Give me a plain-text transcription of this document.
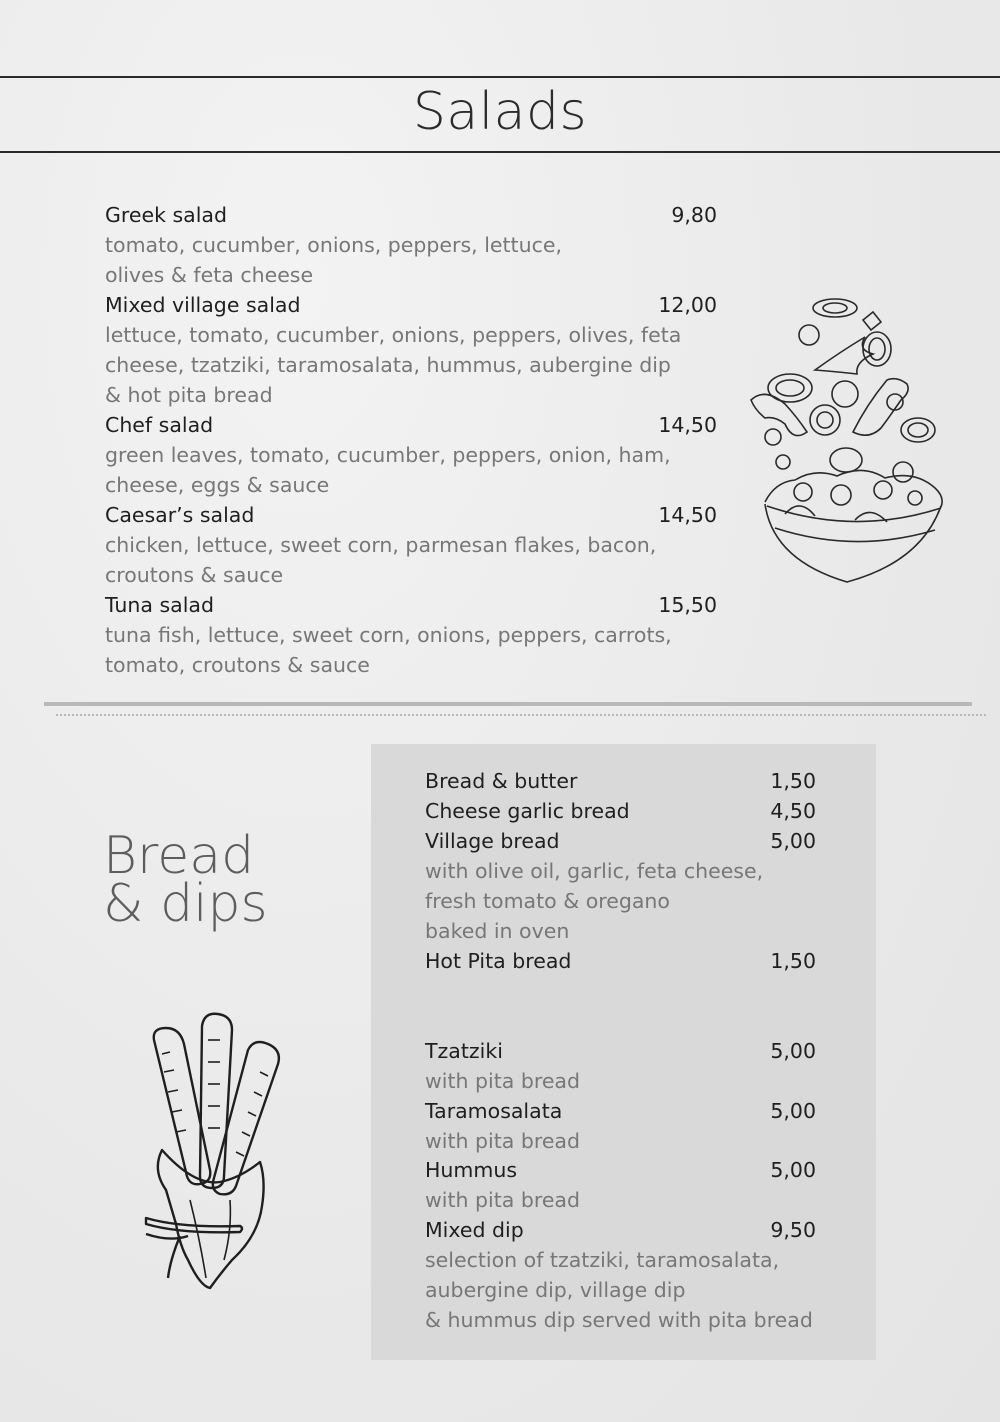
Salads
Greek salad	9,80
tomato, cucumber, onions, peppers, lettuce,
olives & feta cheese
Mixed village salad	12,00
lettuce, tomato, cucumber, onions, peppers, olives, feta
cheese, tzatziki, taramosalata, hummus, aubergine dip
& hot pita bread
Chef salad	14,50
green leaves, tomato, cucumber, peppers, onion, ham,
cheese, eggs & sauce
Caesar’s salad	14,50
chicken, lettuce, sweet corn, parmesan flakes, bacon,
croutons & sauce
Tuna salad	15,50
tuna fish, lettuce, sweet corn, onions, peppers, carrots,
tomato, croutons & sauce
Bread
& dips
Bread & butter	1,50
Cheese garlic bread	4,50
Village bread	5,00
with olive oil, garlic, feta cheese,
fresh tomato & oregano
baked in oven
Hot Pita bread	1,50
Tzatziki	5,00
with pita bread
Taramosalata	5,00
with pita bread
Hummus	5,00
with pita bread
Mixed dip	9,50
selection of tzatziki, taramosalata,
aubergine dip, village dip
& hummus dip served with pita bread
